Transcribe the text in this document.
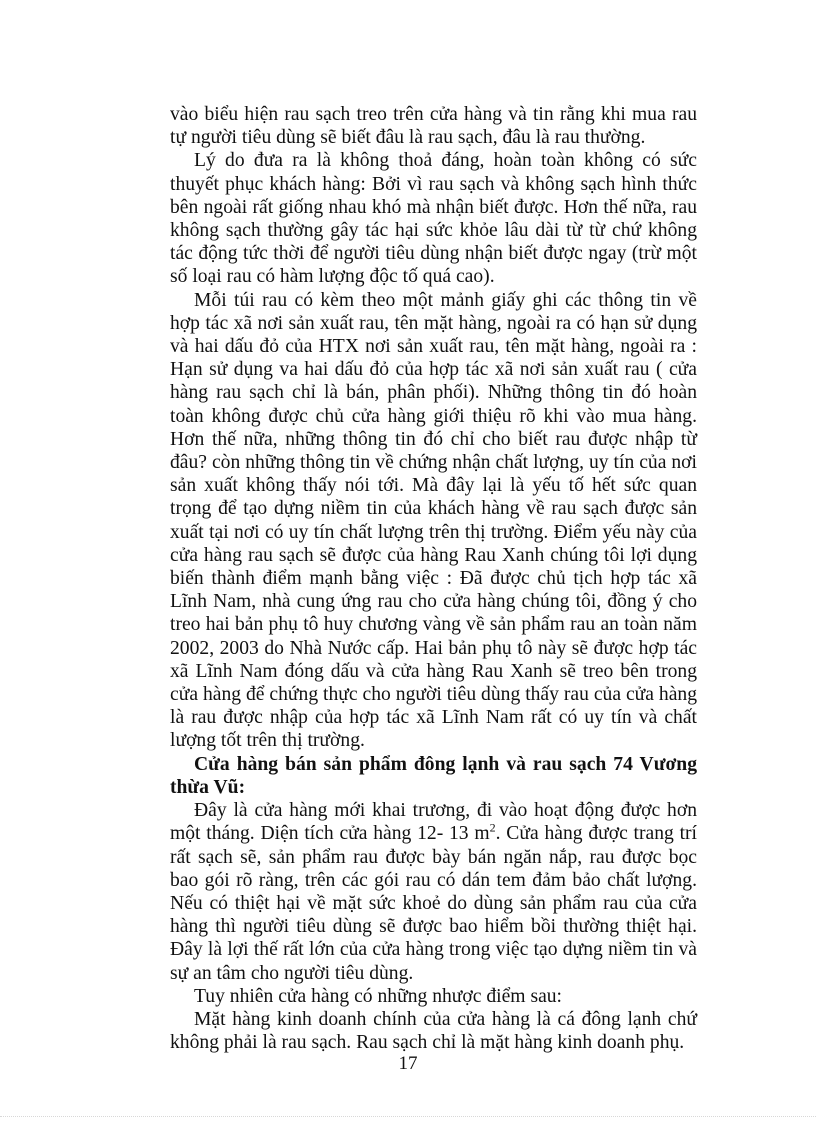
vào biểu hiện rau sạch treo trên cửa hàng và tin rằng khi mua rau tự người tiêu dùng sẽ biết đâu là rau sạch, đâu là rau thường.

Lý do đưa ra là không thoả đáng, hoàn toàn không có sức thuyết phục khách hàng: Bởi vì rau sạch và không sạch hình thức bên ngoài rất giống nhau khó mà nhận biết được. Hơn thế nữa, rau không sạch thường gây tác hại sức khỏe lâu dài từ từ chứ không tác động tức thời để người tiêu dùng nhận biết được ngay (trừ một số loại rau có hàm lượng độc tố quá cao).

Mỗi túi rau có kèm theo một mảnh giấy ghi các thông tin về hợp tác xã nơi sản xuất rau, tên mặt hàng, ngoài ra có hạn sử dụng và hai dấu đỏ của HTX nơi sản xuất rau, tên mặt hàng, ngoài ra : Hạn sử dụng va hai dấu đỏ của hợp tác xã nơi sản xuất rau ( cửa hàng rau sạch chỉ là bán, phân phối). Những thông tin đó hoàn toàn không được chủ cửa hàng giới thiệu rõ khi vào mua hàng. Hơn thế nữa, những thông tin đó chỉ cho biết rau được nhập từ đâu? còn những thông tin về chứng nhận chất lượng, uy tín của nơi sản xuất không thấy nói tới. Mà đây lại là yếu tố hết sức quan trọng để tạo dựng niềm tin của khách hàng về rau sạch được sản xuất tại nơi có uy tín chất lượng trên thị trường. Điểm yếu này của cửa hàng rau sạch sẽ được của hàng Rau Xanh chúng tôi lợi dụng biến thành điểm mạnh bằng việc : Đã được chủ tịch hợp tác xã Lĩnh Nam, nhà cung ứng rau cho cửa hàng chúng tôi, đồng ý cho treo hai bản phụ tô huy chương vàng về sản phẩm rau an toàn năm 2002, 2003 do Nhà Nước cấp. Hai bản phụ tô này sẽ được hợp tác xã Lĩnh Nam đóng dấu và cửa hàng Rau Xanh sẽ treo bên trong cửa hàng để chứng thực cho người tiêu dùng thấy rau của cửa hàng là rau được nhập của hợp tác xã Lĩnh Nam rất có uy tín và chất lượng tốt trên thị trường.

Cửa hàng bán sản phẩm đông lạnh và rau sạch 74 Vương thừa Vũ:

Đây là cửa hàng mới khai trương, đi vào hoạt động được hơn một tháng. Diện tích cửa hàng 12- 13 $m^2$. Cửa hàng được trang trí rất sạch sẽ, sản phẩm rau được bày bán ngăn nắp, rau được bọc bao gói rõ ràng, trên các gói rau có dán tem đảm bảo chất lượng. Nếu có thiệt hại về mặt sức khoẻ do dùng sản phẩm rau của cửa hàng thì người tiêu dùng sẽ được bao hiểm bồi thường thiệt hại. Đây là lợi thế rất lớn của cửa hàng trong việc tạo dựng niềm tin và sự an tâm cho người tiêu dùng.

Tuy nhiên cửa hàng có những nhược điểm sau:

Mặt hàng kinh doanh chính của cửa hàng là cá đông lạnh chứ không phải là rau sạch. Rau sạch chỉ là mặt hàng kinh doanh phụ.

17
